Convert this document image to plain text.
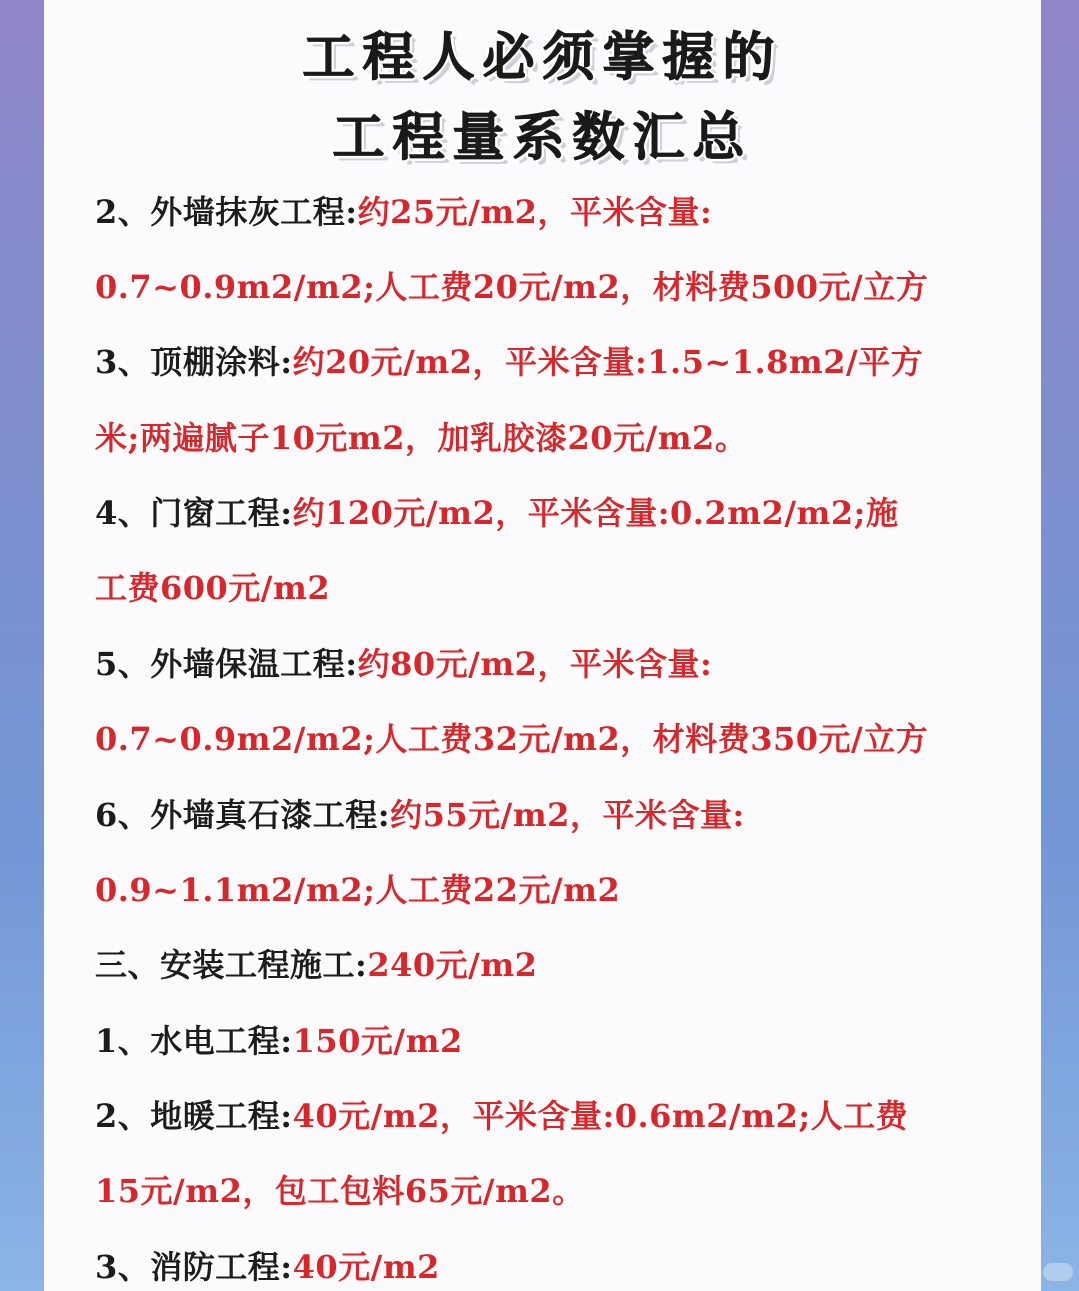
工程人必须掌握的
工程量系数汇总
2、外墙抹灰工程:约25元/m2，平米含量:
0.7~0.9m2/m2;人工费20元/m2，材料费500元/立方
3、顶棚涂料:约20元/m2，平米含量:1.5~1.8m2/平方
米;两遍腻子10元m2，加乳胶漆20元/m2。
4、门窗工程:约120元/m2，平米含量:0.2m2/m2;施
工费600元/m2
5、外墙保温工程:约80元/m2，平米含量:
0.7~0.9m2/m2;人工费32元/m2，材料费350元/立方
6、外墙真石漆工程:约55元/m2，平米含量:
0.9~1.1m2/m2;人工费22元/m2
三、安装工程施工:240元/m2
1、水电工程:150元/m2
2、地暖工程:40元/m2，平米含量:0.6m2/m2;人工费
15元/m2，包工包料65元/m2。
3、消防工程:40元/m2
